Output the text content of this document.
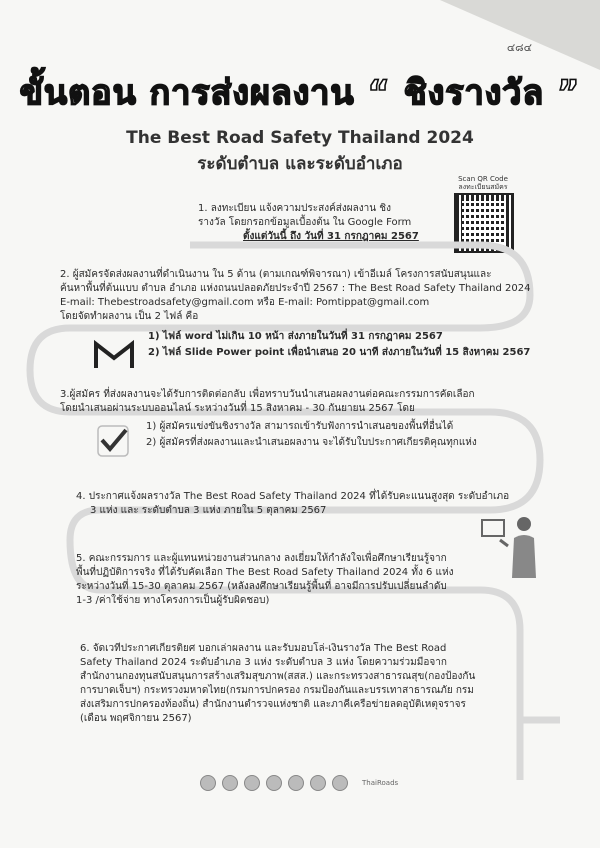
๔๘๔
ขั้นตอน การส่งผลงาน “ ชิงรางวัล ”
The Best Road Safety Thailand 2024
ระดับตำบล และระดับอำเภอ
Scan QR Code ลงทะเบียนสมัคร
1. ลงทะเบียน แจ้งความประสงค์ส่งผลงาน ชิง
รางวัล โดยกรอกข้อมูลเบื้องต้น ใน Google Form
ตั้งแต่วันนี้ ถึง วันที่ 31 กรกฎาคม 2567
2. ผู้สมัครจัดส่งผลงานที่ดำเนินงาน ใน 5 ด้าน (ตามเกณฑ์พิจารณา) เข้าอีเมล์ โครงการสนับสนุนและ
ค้นหาพื้นที่ต้นแบบ ตำบล อำเภอ แห่งถนนปลอดภัยประจำปี 2567 : The Best Road Safety Thailand 2024
E-mail: Thebestroadsafety@gmail.com หรือ E-mail: Pomtippat@gmail.com
โดยจัดทำผลงาน เป็น 2 ไฟล์ คือ
1) ไฟล์ word ไม่เกิน 10 หน้า ส่งภายในวันที่ 31 กรกฎาคม 2567
2) ไฟล์ Slide Power point เพื่อนำเสนอ 20 นาที ส่งภายในวันที่ 15 สิงหาคม 2567
3.ผู้สมัคร ที่ส่งผลงานจะได้รับการติดต่อกลับ เพื่อทราบวันนำเสนอผลงานต่อคณะกรรมการคัดเลือก
โดยนำเสนอผ่านระบบออนไลน์ ระหว่างวันที่ 15 สิงหาคม - 30 กันยายน 2567 โดย
1) ผู้สมัครแข่งขันชิงรางวัล สามารถเข้ารับฟังการนำเสนอของพื้นที่อื่นได้
2) ผู้สมัครที่ส่งผลงานและนำเสนอผลงาน จะได้รับใบประกาศเกียรติคุณทุกแห่ง
4. ประกาศแจ้งผลรางวัล The Best Road Safety Thailand 2024 ที่ได้รับคะแนนสูงสุด ระดับอำเภอ
3 แห่ง และ ระดับตำบล 3 แห่ง ภายใน 5 ตุลาคม 2567
5. คณะกรรมการ และผู้แทนหน่วยงานส่วนกลาง ลงเยี่ยมให้กำลังใจเพื่อศึกษาเรียนรู้จาก
พื้นที่ปฏิบัติการจริง ที่ได้รับคัดเลือก The Best Road Safety Thailand 2024 ทั้ง 6 แห่ง
ระหว่างวันที่ 15-30 ตุลาคม 2567 (หลังลงศึกษาเรียนรู้พื้นที่ อาจมีการปรับเปลี่ยนลำดับ
1-3 /ค่าใช้จ่าย ทางโครงการเป็นผู้รับผิดชอบ)
6. จัดเวทีประกาศเกียรติยศ บอกเล่าผลงาน และรับมอบโล่-เงินรางวัล The Best Road
Safety Thailand 2024 ระดับอำเภอ 3 แห่ง ระดับตำบล 3 แห่ง โดยความร่วมมือจาก
สำนักงานกองทุนสนับสนุนการสร้างเสริมสุขภาพ(สสส.) และกระทรวงสาธารณสุข(กองป้องกัน
การบาดเจ็บฯ) กระทรวงมหาดไทย(กรมการปกครอง กรมป้องกันและบรรเทาสาธารณภัย กรม
ส่งเสริมการปกครองท้องถิ่น) สำนักงานตำรวจแห่งชาติ และภาคีเครือข่ายลดอุบัติเหตุจราจร
(เดือน พฤศจิกายน 2567)
ThaiRoads
